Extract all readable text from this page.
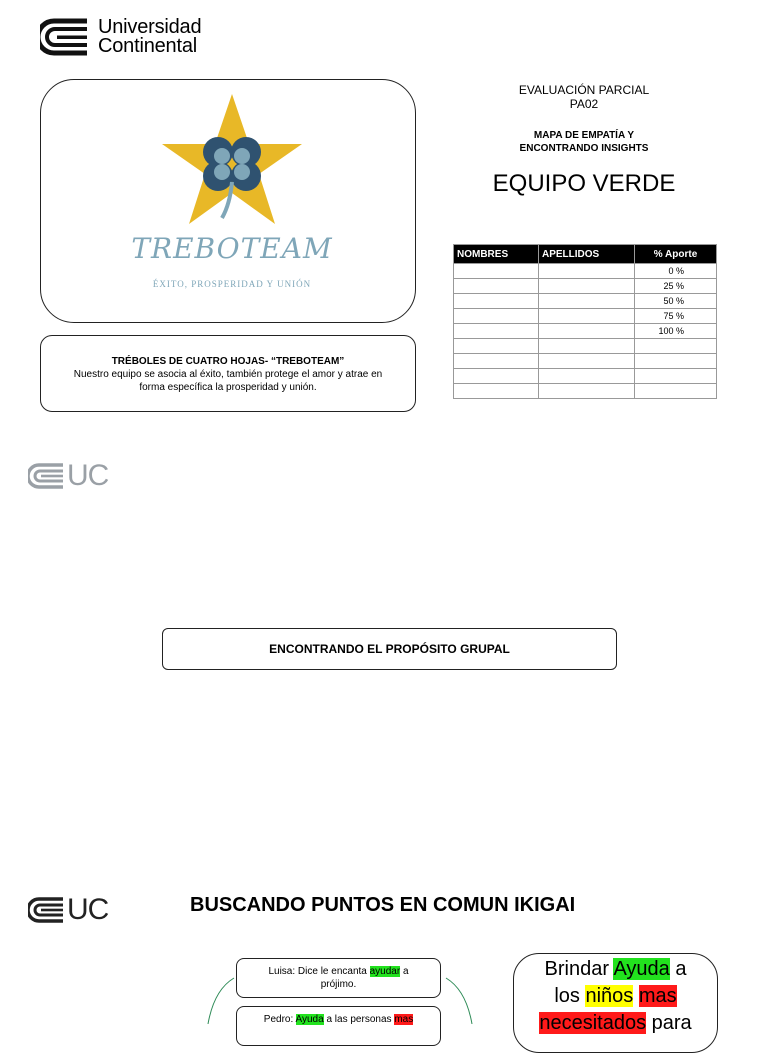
Universidad
Continental
TREBOTEAM
ÉXITO, PROSPERIDAD Y UNIÓN
TRÉBOLES DE CUATRO HOJAS- “TREBOTEAM”
Nuestro equipo se asocia al éxito, también protege el amor y atrae en
forma específica la prosperidad y unión.
EVALUACIÓN PARCIAL
PA02
MAPA DE EMPATÍA Y
ENCONTRANDO INSIGHTS
EQUIPO VERDE
NOMBRES	APELLIDOS	% Aporte
		0 %
		25 %
		50 %
		75 %
		100 %

UC
ENCONTRANDO EL PROPÓSITO GRUPAL
UC	BUSCANDO PUNTOS EN COMUN IKIGAI
Luisa: Dice le encanta ayudar a
prójimo.
Pedro: Ayuda a las personas mas
Brindar Ayuda a
los niños mas
necesitados para
